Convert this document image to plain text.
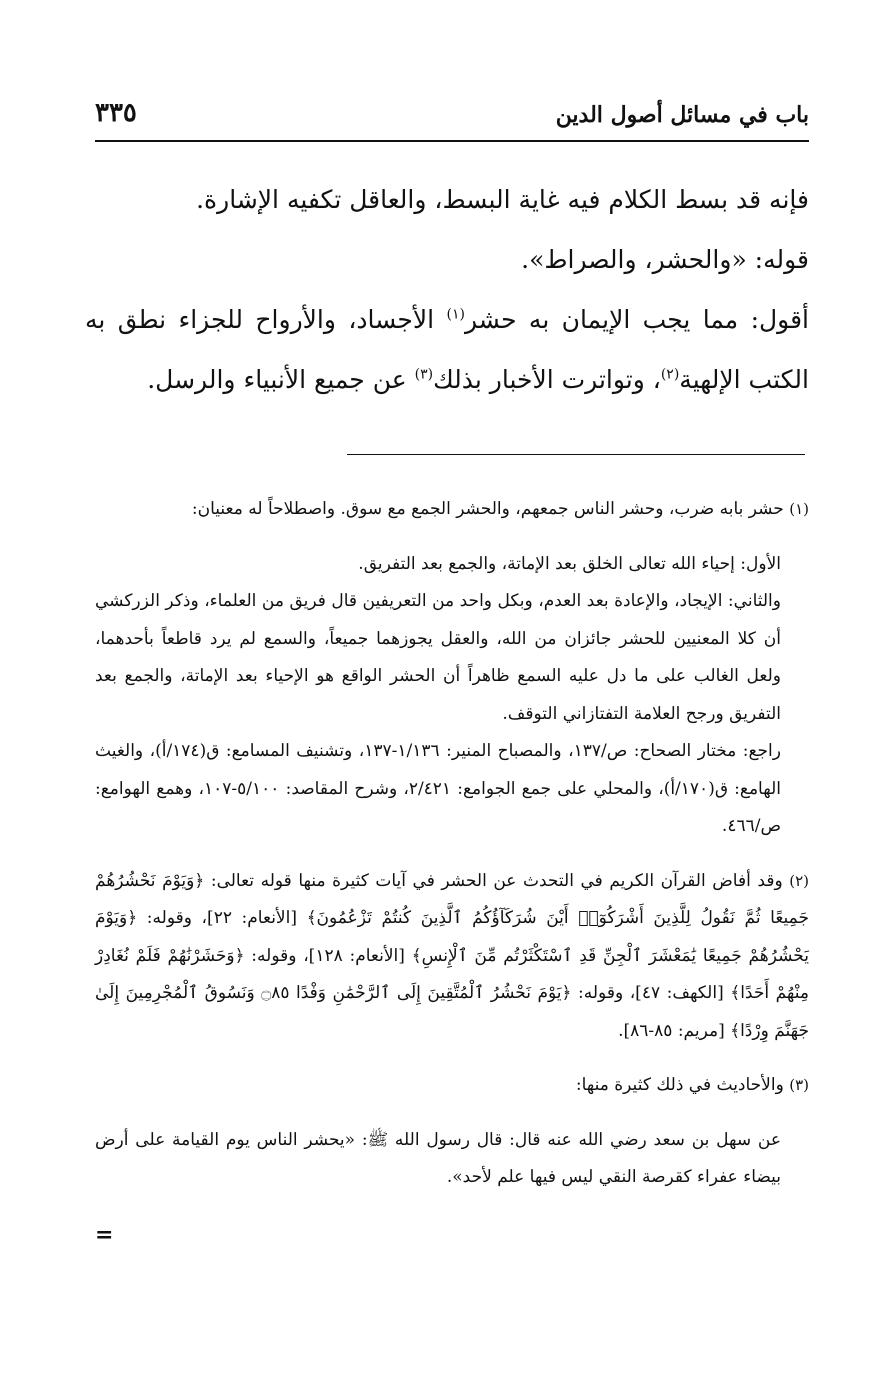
باب في مسائل أصول الدين
٣٣٥

فإنه قد بسط الكلام فيه غاية البسط، والعاقل تكفيه الإشارة.

قوله: «والحشر، والصراط».

أقول: مما يجب الإيمان به حشر$^{(١)}$ الأجساد، والأرواح للجزاء نطق به الكتب الإلهية$^{(٢)}$، وتواترت الأخبار بذلك$^{(٣)}$ عن جميع الأنبياء والرسل.

(١) حشر بابه ضرب، وحشر الناس جمعهم، والحشر الجمع مع سوق. واصطلاحاً له معنيان:

الأول: إحياء الله تعالى الخلق بعد الإماتة، والجمع بعد التفريق.

والثاني: الإيجاد، والإعادة بعد العدم، وبكل واحد من التعريفين قال فريق من العلماء، وذكر الزركشي أن كلا المعنيين للحشر جائزان من الله، والعقل يجوزهما جميعاً، والسمع لم يرد قاطعاً بأحدهما، ولعل الغالب على ما دل عليه السمع ظاهراً أن الحشر الواقع هو الإحياء بعد الإماتة، والجمع بعد التفريق ورجح العلامة التفتازاني التوقف.

راجع: مختار الصحاح: ص/١٣٧، والمصباح المنير: ١/١٣٦-١٣٧، وتشنيف المسامع: ق(١٧٤/أ)، والغيث الهامع: ق(١٧٠/أ)، والمحلي على جمع الجوامع: ٢/٤٢١، وشرح المقاصد: ٥/١٠٠-١٠٧، وهمع الهوامع: ص/٤٦٦.

(٢) وقد أفاض القرآن الكريم في التحدث عن الحشر في آيات كثيرة منها قوله تعالى: ﴿وَيَوْمَ نَحْشُرُهُمْ جَمِيعًا ثُمَّ نَقُولُ لِلَّذِينَ أَشْرَكُوٓا۟ أَيْنَ شُرَكَآؤُكُمُ ٱلَّذِينَ كُنتُمْ تَزْعُمُونَ﴾ [الأنعام: ٢٢]، وقوله: ﴿وَيَوْمَ يَحْشُرُهُمْ جَمِيعًا يَٰمَعْشَرَ ٱلْجِنِّ قَدِ ٱسْتَكْثَرْتُم مِّنَ ٱلْإِنسِ﴾ [الأنعام: ١٢٨]، وقوله: ﴿وَحَشَرْنَٰهُمْ فَلَمْ نُغَادِرْ مِنْهُمْ أَحَدًا﴾ [الكهف: ٤٧]، وقوله: ﴿يَوْمَ نَحْشُرُ ٱلْمُتَّقِينَ إِلَى ٱلرَّحْمَٰنِ وَفْدًا ۝٨٥ وَنَسُوقُ ٱلْمُجْرِمِينَ إِلَىٰ جَهَنَّمَ وِرْدًا﴾ [مريم: ٨٥-٨٦].

(٣) والأحاديث في ذلك كثيرة منها:

عن سهل بن سعد رضي الله عنه قال: قال رسول الله ﷺ: «يحشر الناس يوم القيامة على أرض بيضاء عفراء كقرصة النقي ليس فيها علم لأحد».

=
